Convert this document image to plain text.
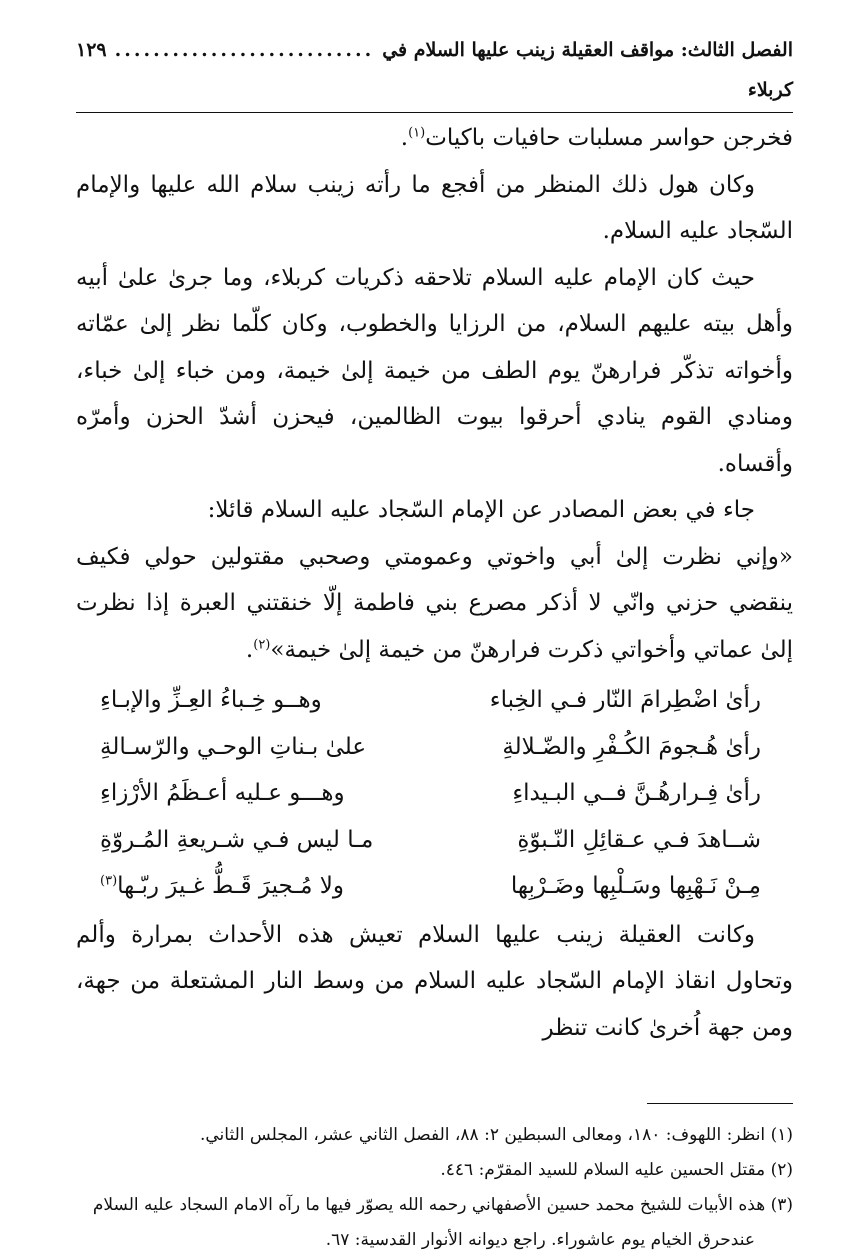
الفصل الثالث: مواقف العقيلة زينب عليها السلام في كربلاء
...........................
١٢٩

فخرجن حواسر مسلبات حافيات باكيات$^{(١)}$.

وكان هول ذلك المنظر من أفجع ما رأته زينب سلام الله عليها والإمام السّجاد عليه السلام.

حيث كان الإمام عليه السلام تلاحقه ذكريات كربلاء، وما جرىٰ علىٰ أبيه وأهل بيته عليهم السلام، من الرزايا والخطوب، وكان كلّما نظر إلىٰ عمّاته وأخواته تذكّر فرارهنّ يوم الطف من خيمة إلىٰ خيمة، ومن خباء إلىٰ خباء، ومنادي القوم ينادي أحرقوا بيوت الظالمين، فيحزن أشدّ الحزن وأمرّه وأقساه.

جاء في بعض المصادر عن الإمام السّجاد عليه السلام قائلا:

«وإني نظرت إلىٰ أبي واخوتي وعمومتي وصحبي مقتولين حولي فكيف ينقضي حزني وانّي لا أذكر مصرع بني فاطمة إلّا خنقتني العبرة إذا نظرت إلىٰ عماتي وأخواتي ذكرت فرارهنّ من خيمة إلىٰ خيمة»$^{(٢)}$.

رأىٰ اضْطِرامَ النّار فـي الخِباء
وهــو خِـباءُ العِـزِّ والإبـاءِ
رأىٰ هُـجومَ الكُـفْرِ والضّـلالةِ
علىٰ بـناتِ الوحـي والرّسـالةِ
رأىٰ فِـرارهُـنَّ فــي البـيداءِ
وهـــو عـليه أعـظَمُ الأرْزاءِ
شــاهدَ فـي عـقائِلِ النّـبوّةِ
مـا ليس فـي شـريعةِ المُـروّةِ
مِـنْ نَـهْبِها وسَـلْبِها وضَـرْبِها
ولا مُـجيرَ قَـطُّ غـيرَ ربّـها$^{(٣)}$

وكانت العقيلة زينب عليها السلام تعيش هذه الأحداث بمرارة وألم وتحاول انقاذ الإمام السّجاد عليه السلام من وسط النار المشتعلة من جهة، ومن جهة اُخرىٰ كانت تنظر

(١) انظر: اللهوف: ١٨٠، ومعالى السبطين ٢: ٨٨، الفصل الثاني عشر، المجلس الثاني.

(٢) مقتل الحسين عليه السلام للسيد المقرّم: ٤٤٦.

(٣) هذه الأبيات للشيخ محمد حسين الأصفهاني رحمه الله يصوّر فيها ما رآه الامام السجاد عليه السلام

عندحرق الخيام يوم عاشوراء. راجع ديوانه الأنوار القدسية: ٦٧.
